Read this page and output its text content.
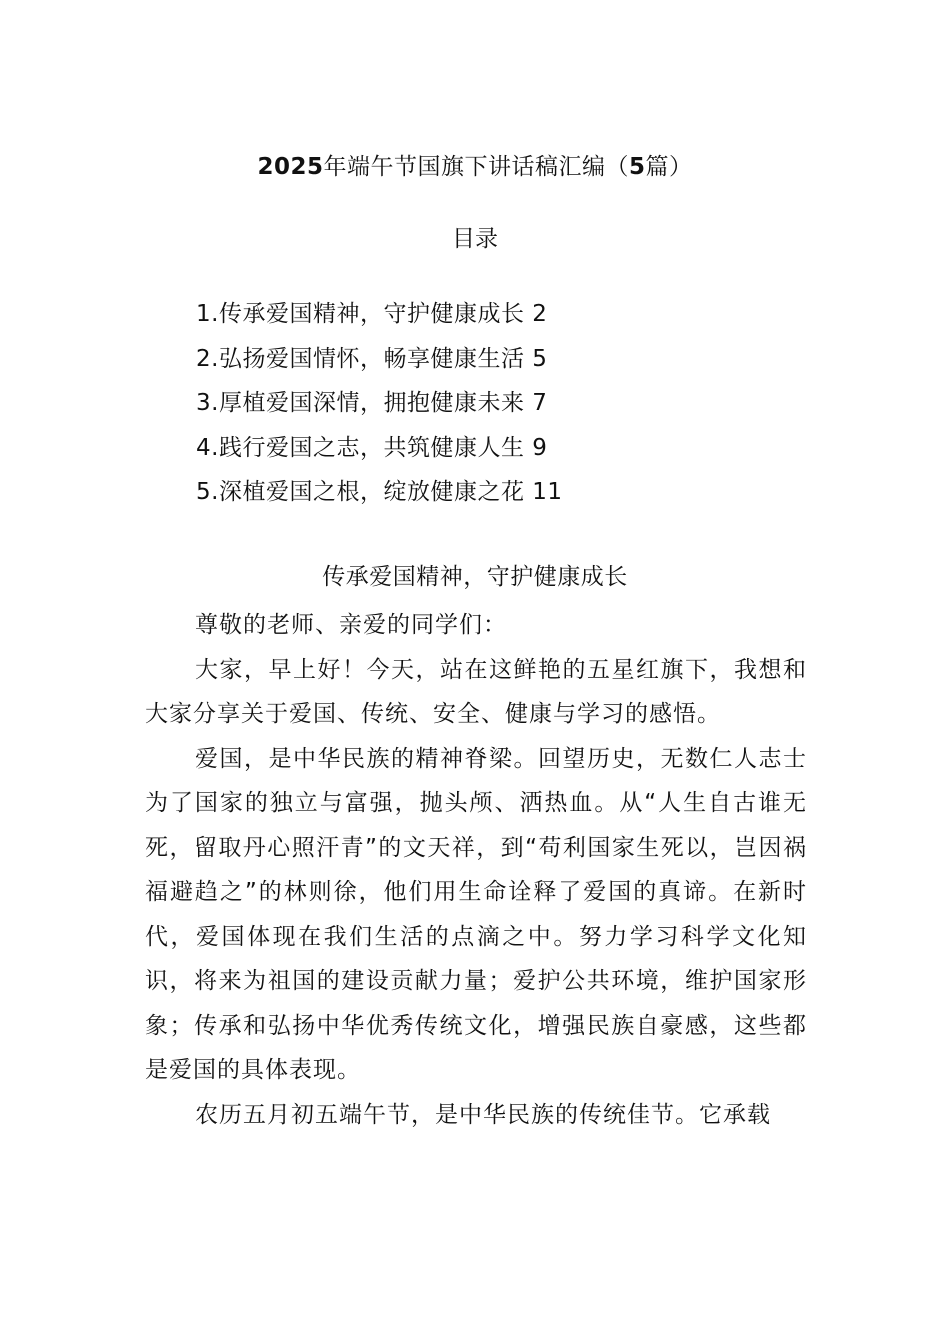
2025年端午节国旗下讲话稿汇编（5篇）
目录
1.传承爱国精神，守护健康成长 2
2.弘扬爱国情怀，畅享健康生活 5
3.厚植爱国深情，拥抱健康未来 7
4.践行爱国之志，共筑健康人生 9
5.深植爱国之根，绽放健康之花 11
传承爱国精神，守护健康成长

尊敬的老师、亲爱的同学们：

大家，早上好！今天，站在这鲜艳的五星红旗下，我想和大家分享关于爱国、传统、安全、健康与学习的感悟。

爱国，是中华民族的精神脊梁。回望历史，无数仁人志士为了国家的独立与富强，抛头颅、洒热血。从“人生自古谁无死，留取丹心照汗青”的文天祥，到“苟利国家生死以，岂因祸福避趋之”的林则徐，他们用生命诠释了爱国的真谛。在新时代，爱国体现在我们生活的点滴之中。努力学习科学文化知识，将来为祖国的建设贡献力量；爱护公共环境，维护国家形象；传承和弘扬中华优秀传统文化，增强民族自豪感，这些都是爱国的具体表现。

农历五月初五端午节，是中华民族的传统佳节。它承载
